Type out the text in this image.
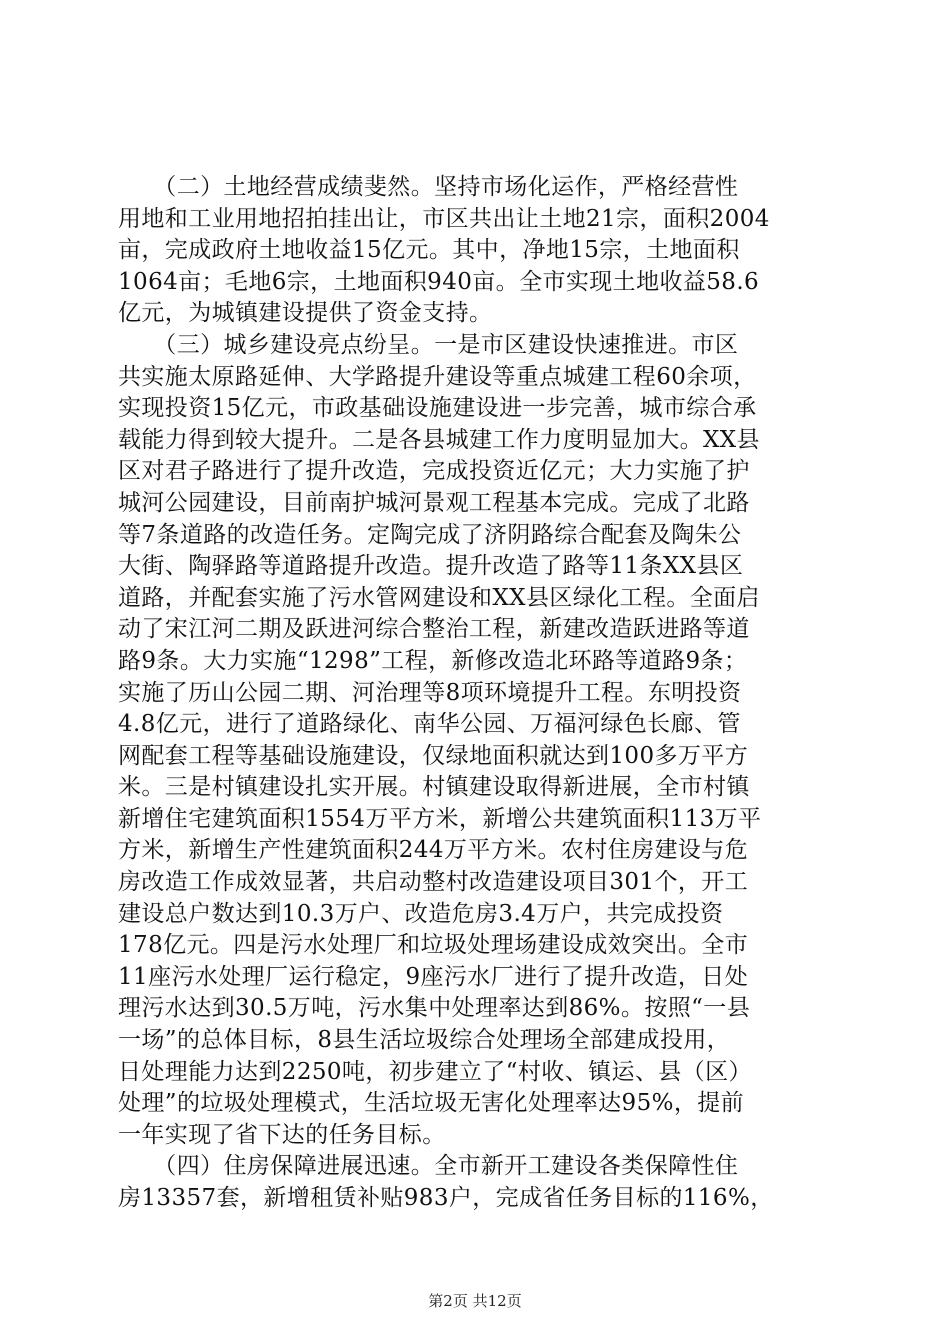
　　（二）土地经营成绩斐然。坚持市场化运作，严格经营性
用地和工业用地招拍挂出让，市区共出让土地21宗，面积2004
亩，完成政府土地收益15亿元。其中，净地15宗，土地面积
1064亩；毛地6宗，土地面积940亩。全市实现土地收益58.6
亿元，为城镇建设提供了资金支持。
　　（三）城乡建设亮点纷呈。一是市区建设快速推进。市区
共实施太原路延伸、大学路提升建设等重点城建工程60余项，
实现投资15亿元，市政基础设施建设进一步完善，城市综合承
载能力得到较大提升。二是各县城建工作力度明显加大。XX县
区对君子路进行了提升改造，完成投资近亿元；大力实施了护
城河公园建设，目前南护城河景观工程基本完成。完成了北路
等7条道路的改造任务。定陶完成了济阴路综合配套及陶朱公
大街、陶驿路等道路提升改造。提升改造了路等11条XX县区
道路，并配套实施了污水管网建设和XX县区绿化工程。全面启
动了宋江河二期及跃进河综合整治工程，新建改造跃进路等道
路9条。大力实施“1298”工程，新修改造北环路等道路9条；
实施了历山公园二期、河治理等8项环境提升工程。东明投资
4.8亿元，进行了道路绿化、南华公园、万福河绿色长廊、管
网配套工程等基础设施建设，仅绿地面积就达到100多万平方
米。三是村镇建设扎实开展。村镇建设取得新进展，全市村镇
新增住宅建筑面积1554万平方米，新增公共建筑面积113万平
方米，新增生产性建筑面积244万平方米。农村住房建设与危
房改造工作成效显著，共启动整村改造建设项目301个，开工
建设总户数达到10.3万户、改造危房3.4万户，共完成投资
178亿元。四是污水处理厂和垃圾处理场建设成效突出。全市
11座污水处理厂运行稳定，9座污水厂进行了提升改造，日处
理污水达到30.5万吨，污水集中处理率达到86%。按照“一县
一场”的总体目标，8县生活垃圾综合处理场全部建成投用，
日处理能力达到2250吨，初步建立了“村收、镇运、县（区）
处理”的垃圾处理模式，生活垃圾无害化处理率达95%，提前
一年实现了省下达的任务目标。
　　（四）住房保障进展迅速。全市新开工建设各类保障性住
房13357套，新增租赁补贴983户，完成省任务目标的116%，
第2页 共12页
